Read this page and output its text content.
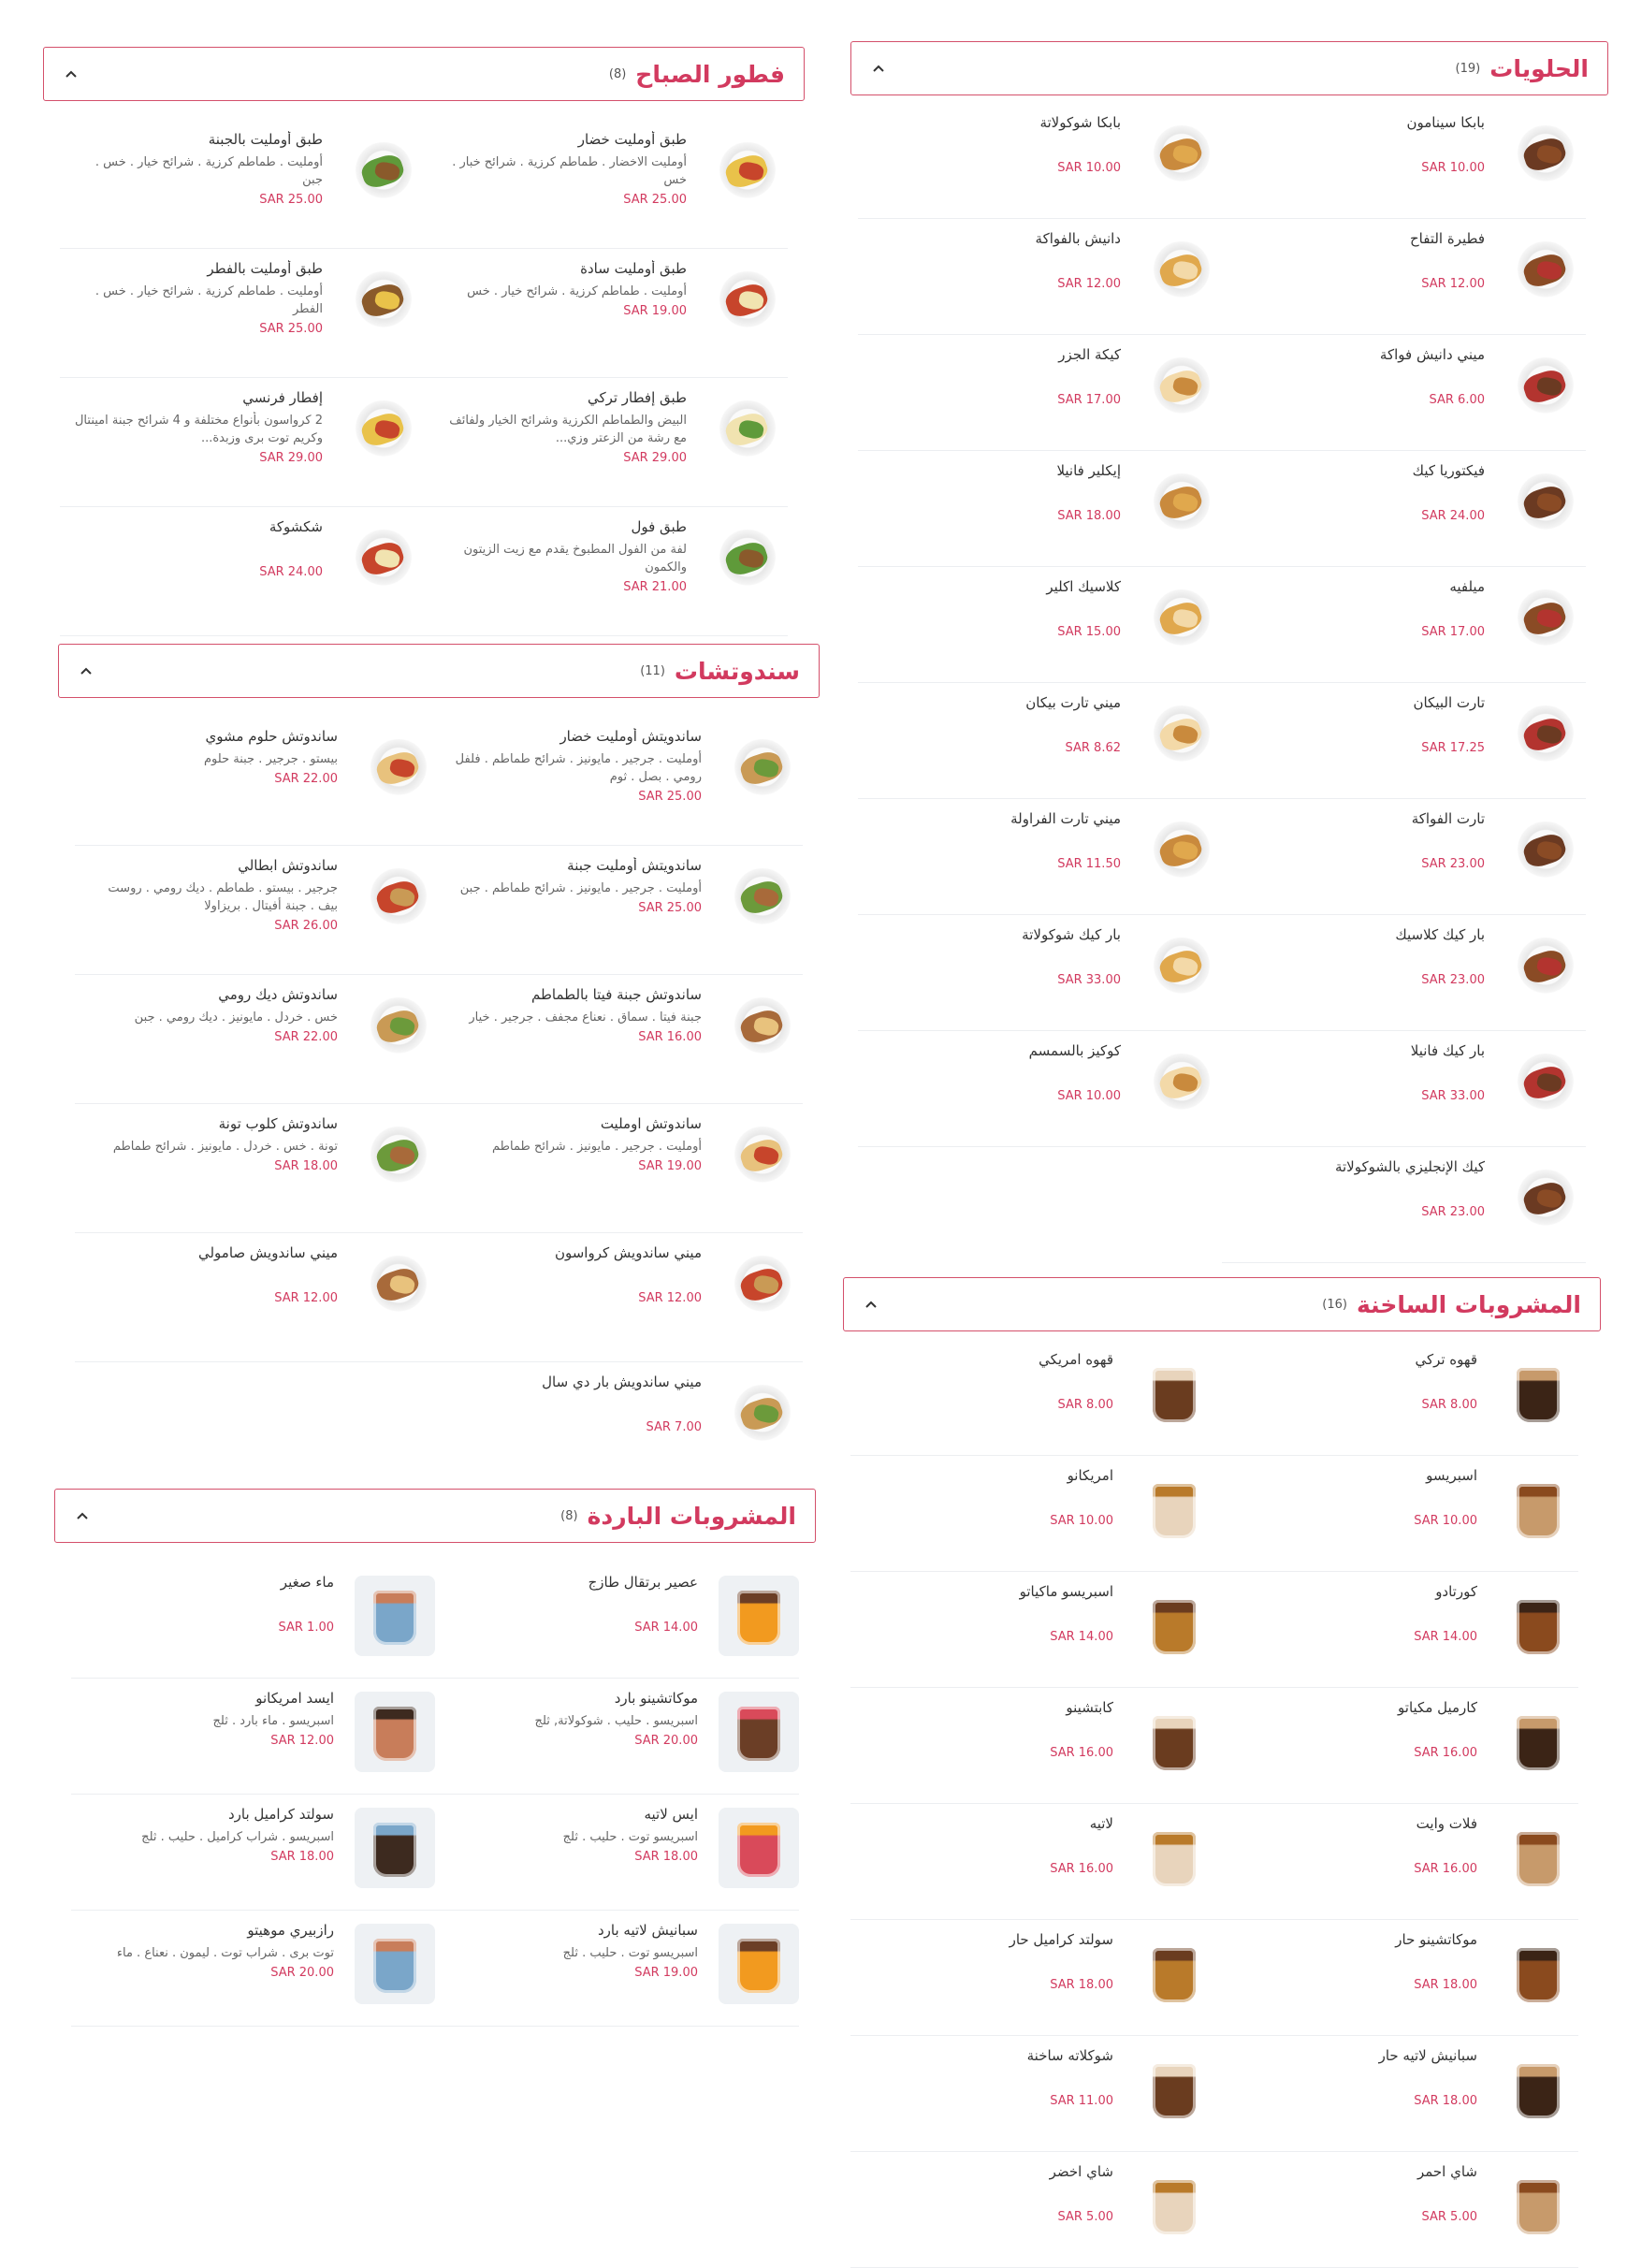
الحلويات
(19)
بابكا سينامون
SAR 10.00
بابكا شوكولاتة
SAR 10.00
فطيرة التفاح
SAR 12.00
دانيش بالفواكة
SAR 12.00
ميني دانيش فواكة
SAR 6.00
كيكة الجزر
SAR 17.00
فيكتوريا كيك
SAR 24.00
إيكلير فانيلا
SAR 18.00
ميلفيه
SAR 17.00
كلاسيك اكلير
SAR 15.00
تارت البيكان
SAR 17.25
ميني تارت بيكان
SAR 8.62
تارت الفواكة
SAR 23.00
ميني تارت الفراولة
SAR 11.50
بار كيك كلاسيك
SAR 23.00
بار كيك شوكولاتة
SAR 33.00
بار كيك فانيلا
SAR 33.00
كوكيز بالسمسم
SAR 10.00
كيك الإنجليزي بالشوكولاتة
SAR 23.00
المشروبات الساخنة
(16)
قهوه تركي
SAR 8.00
قهوه امريكي
SAR 8.00
اسبريسو
SAR 10.00
امريكانو
SAR 10.00
كورتادو
SAR 14.00
اسبريسو ماكياتو
SAR 14.00
كارميل مكياتو
SAR 16.00
كابتشينو
SAR 16.00
فلات وايت
SAR 16.00
لاتيه
SAR 16.00
موكاتشينو حار
SAR 18.00
سولتد كراميل حار
SAR 18.00
سبانيش لاتيه حار
SAR 18.00
شوكلاته ساخنة
SAR 11.00
شاي احمر
SAR 5.00
شاي اخضر
SAR 5.00
فطور الصباح
(8)
طبق أومليت خضار
أومليت الاخضار . طماطم كرزية . شرائح خبار . خس
SAR 25.00
طبق أومليت بالجبنة
أومليت . طماطم كرزية . شرائح خيار . خس . جبن
SAR 25.00
طبق أومليت سادة
أومليت . طماطم كرزية . شرائح خيار . خس
SAR 19.00
طبق أومليت بالفطر
أومليت . طماطم كرزية . شرائح خيار . خس . الفطر
SAR 25.00
طبق إفطار تركي
البيض والطماطم الكرزية وشرائح الخيار ولفائف مع رشة من الزعتر وزي...
SAR 29.00
إفطار فرنسي
2 كرواسون بأنواع مختلفة و 4 شرائح جبنة امينتال وكريم توت برى وزبدة...
SAR 29.00
طبق فول
لفة من الفول المطبوخ يقدم مع زيت الزيتون والكمون
SAR 21.00
شكشوكة
SAR 24.00
سندوتشات
(11)
ساندويتش أومليت خضار
أومليت . جرجير . مايونيز . شرائح طماطم . فلفل رومي . بصل . ثوم
SAR 25.00
ساندوتش حلوم مشوي
بيستو . جرجير . جبنة حلوم
SAR 22.00
ساندويتش أومليت جبنة
أومليت . جرجير . مايونيز . شرائح طماطم . جبن
SAR 25.00
ساندوتش ابطالي
جرجير . بيستو . طماطم . ديك رومي . روست بيف . جبنة أفيتال . بريزاولا
SAR 26.00
ساندوتش جبنة فيتا بالطماطم
جبنة فيتا . سماق . نعناع مجفف . جرجير . خيار
SAR 16.00
ساندوتش ديك رومي
خس . خردل . مايونيز . ديك رومي . جبن
SAR 22.00
ساندوتش اومليت
أومليت . جرجير . مايونيز . شرائح طماطم
SAR 19.00
ساندوتش كلوب تونة
تونة . خس . خردل . مايونيز . شرائح طماطم
SAR 18.00
ميني ساندويش كرواسون
SAR 12.00
ميني ساندويش صامولي
SAR 12.00
ميني ساندويش بار دي سال
SAR 7.00
المشروبات الباردة
(8)
عصير برتقال طازج
SAR 14.00
ماء صغير
SAR 1.00
موكاتشينو بارد
اسبريسو . حليب . شوكولاتة, ثلج
SAR 20.00
ايسد امريكانو
اسبريسو . ماء بارد . ثلج
SAR 12.00
ايس لاتيه
اسبريسو توت . حليب . ثلج
SAR 18.00
سولتد كراميل بارد
اسبريسو . شراب كراميل . حليب . ثلج
SAR 18.00
سبانيش لاتيه بارد
اسبريسو توت . حليب . ثلج
SAR 19.00
رازبيري موهيتو
توت برى . شراب توت . ليمون . نعناع . ماء
SAR 20.00
